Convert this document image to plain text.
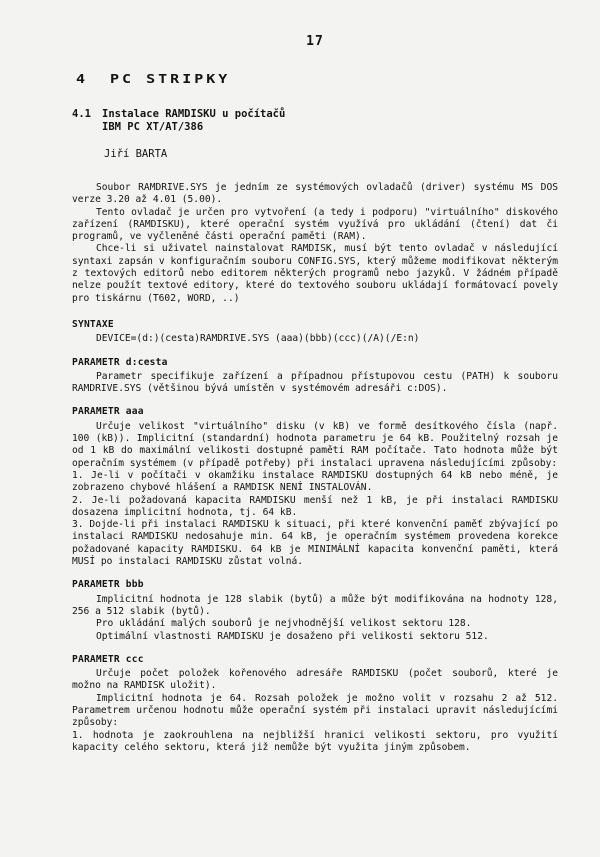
17
4 PC STRIPKY
4.1 Instalace RAMDISKU u počítačů
IBM PC XT/AT/386
Jiří BARTA

Soubor RAMDRIVE.SYS je jedním ze systémových ovladačů (driver) systému MS DOS verze 3.20 až 4.01 (5.00).

Tento ovladač je určen pro vytvoření (a tedy i podporu) "virtuálního" diskového zařízení (RAMDISKU), které operační systém využívá pro ukládání (čtení) dat či programů, ve vyčleněné části operační paměti (RAM).

Chce-li si uživatel nainstalovat RAMDISK, musí být tento ovladač v následující syntaxi zapsán v konfiguračním souboru CONFIG.SYS, který můžeme modifikovat některým z textových editorů nebo editorem některých programů nebo jazyků. V žádném případě nelze použít textové editory, které do textového souboru ukládají formátovací povely pro tiskárnu (T602, WORD, ..)

SYNTAXE

DEVICE=(d:)(cesta)RAMDRIVE.SYS (aaa)(bbb)(ccc)(/A)(/E:n)

PARAMETR d:cesta

Parametr specifikuje zařízení a případnou přístupovou cestu (PATH) k souboru RAMDRIVE.SYS (většinou bývá umístěn v systémovém adresáři c:DOS).

PARAMETR aaa

Určuje velikost "virtuálního" disku (v kB) ve formě desítkového čísla (např. 100 (kB)). Implicitní (standardní) hodnota parametru je 64 kB. Použitelný rozsah je od 1 kB do maximální velikosti dostupné paměti RAM počítače. Tato hodnota může být operačním systémem (v případě potřeby) při instalaci upravena následujícími způsoby:

1. Je-li v počítači v okamžiku instalace RAMDISKU dostupných 64 kB nebo méně, je zobrazeno chybové hlášení a RAMDISK NENÍ INSTALOVÁN.

2. Je-li požadovaná kapacita RAMDISKU menší než 1 kB, je při instalaci RAMDISKU dosazena implicitní hodnota, tj. 64 kB.

3. Dojde-li při instalaci RAMDISKU k situaci, při které konvenční paměť zbývající po instalaci RAMDISKU nedosahuje min. 64 kB, je operačním systémem provedena korekce požadované kapacity RAMDISKU. 64 kB je MINIMÁLNÍ kapacita konvenční paměti, která MUSÍ po instalaci RAMDISKU zůstat volná.

PARAMETR bbb

Implicitní hodnota je 128 slabik (bytů) a může být modifikována na hodnoty 128, 256 a 512 slabik (bytů).

Pro ukládání malých souborů je nejvhodnější velikost sektoru 128.

Optimální vlastnosti RAMDISKU je dosaženo při velikosti sektoru 512.

PARAMETR ccc

Určuje počet položek kořenového adresáře RAMDISKU (počet souborů, které je možno na RAMDISK uložit).

Implicitní hodnota je 64. Rozsah položek je možno volit v rozsahu 2 až 512. Parametrem určenou hodnotu může operační systém při instalaci upravit následujícími způsoby:

1. hodnota je zaokrouhlena na nejbližší hranici velikosti sektoru, pro využití kapacity celého sektoru, která již nemůže být využita jiným způsobem.
